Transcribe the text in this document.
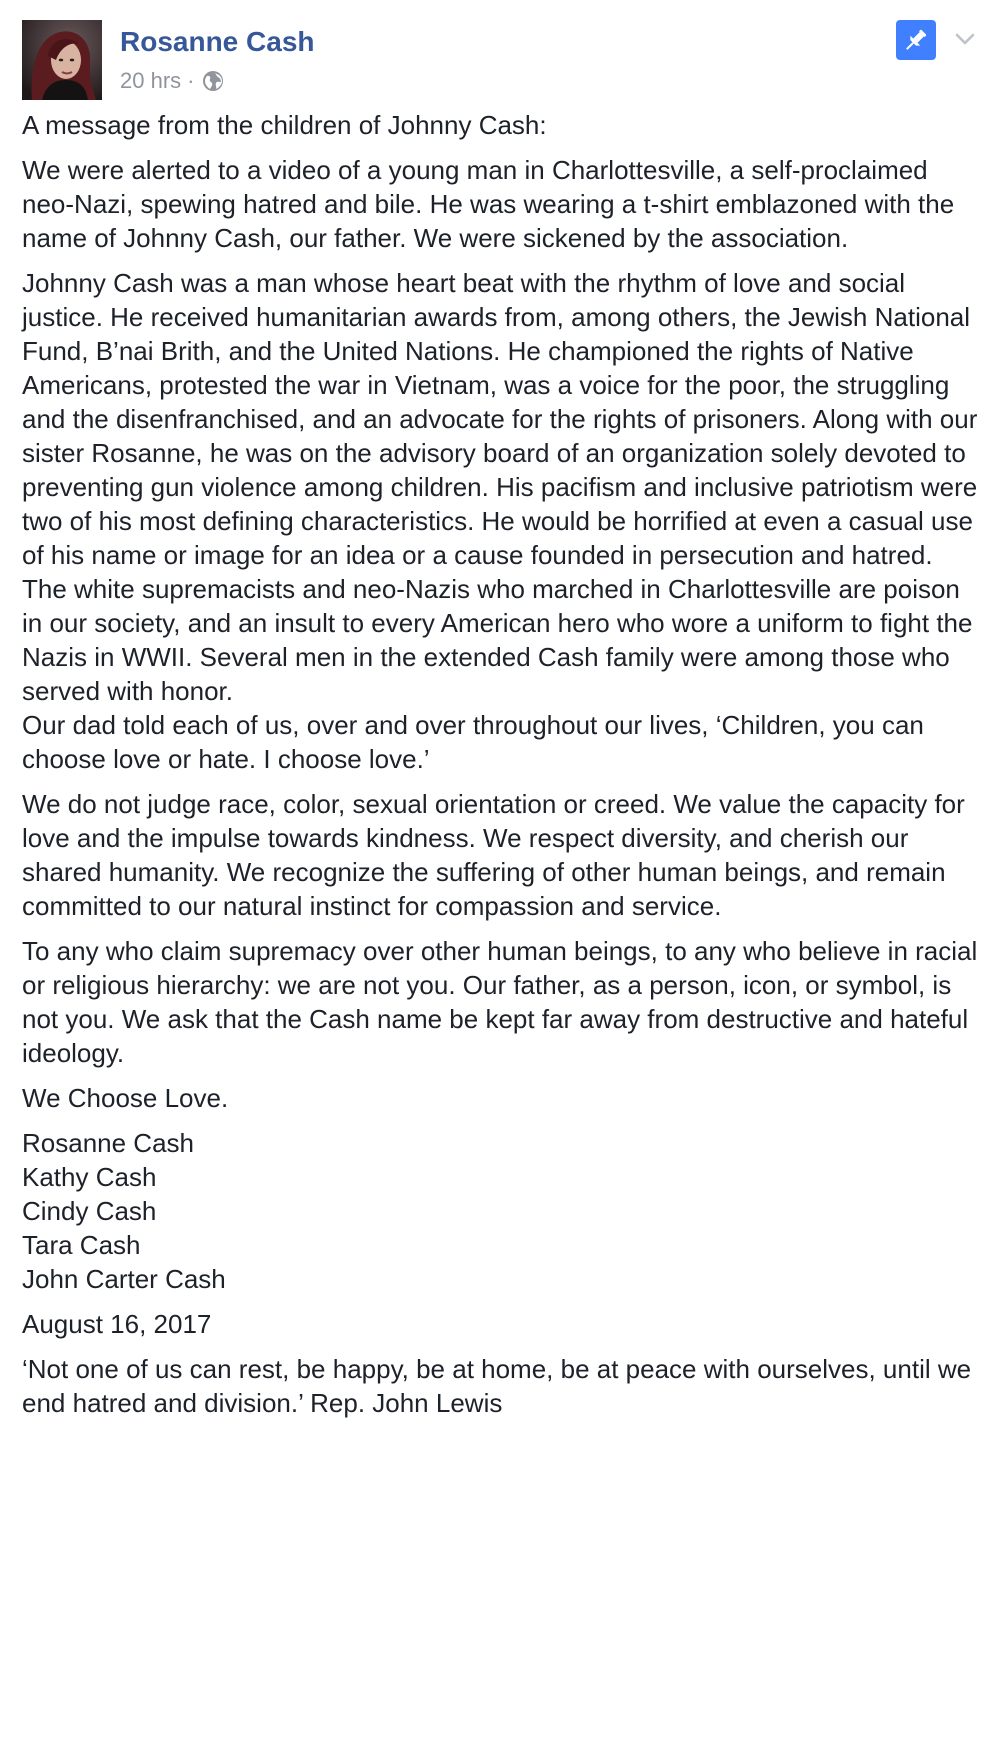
Rosanne Cash
20 hrs ·

A message from the children of Johnny Cash:

We were alerted to a video of a young man in Charlottesville, a self-proclaimed neo-Nazi, spewing hatred and bile. He was wearing a t-shirt emblazoned with the name of Johnny Cash, our father. We were sickened by the association.

Johnny Cash was a man whose heart beat with the rhythm of love and social justice. He received humanitarian awards from, among others, the Jewish National Fund, B’nai Brith, and the United Nations. He championed the rights of Native Americans, protested the war in Vietnam, was a voice for the poor, the struggling and the disenfranchised, and an advocate for the rights of prisoners. Along with our sister Rosanne, he was on the advisory board of an organization solely devoted to preventing gun violence among children. His pacifism and inclusive patriotism were two of his most defining characteristics. He would be horrified at even a casual use of his name or image for an idea or a cause founded in persecution and hatred. The white supremacists and neo-Nazis who marched in Charlottesville are poison in our society, and an insult to every American hero who wore a uniform to fight the Nazis in WWII. Several men in the extended Cash family were among those who served with honor.
Our dad told each of us, over and over throughout our lives, ‘Children, you can choose love or hate. I choose love.’

We do not judge race, color, sexual orientation or creed. We value the capacity for love and the impulse towards kindness. We respect diversity, and cherish our shared humanity. We recognize the suffering of other human beings, and remain committed to our natural instinct for compassion and service.

To any who claim supremacy over other human beings, to any who believe in racial or religious hierarchy: we are not you. Our father, as a person, icon, or symbol, is not you. We ask that the Cash name be kept far away from destructive and hateful ideology.

We Choose Love.

Rosanne Cash
Kathy Cash
Cindy Cash
Tara Cash
John Carter Cash

August 16, 2017

‘Not one of us can rest, be happy, be at home, be at peace with ourselves, until we end hatred and division.’ Rep. John Lewis
